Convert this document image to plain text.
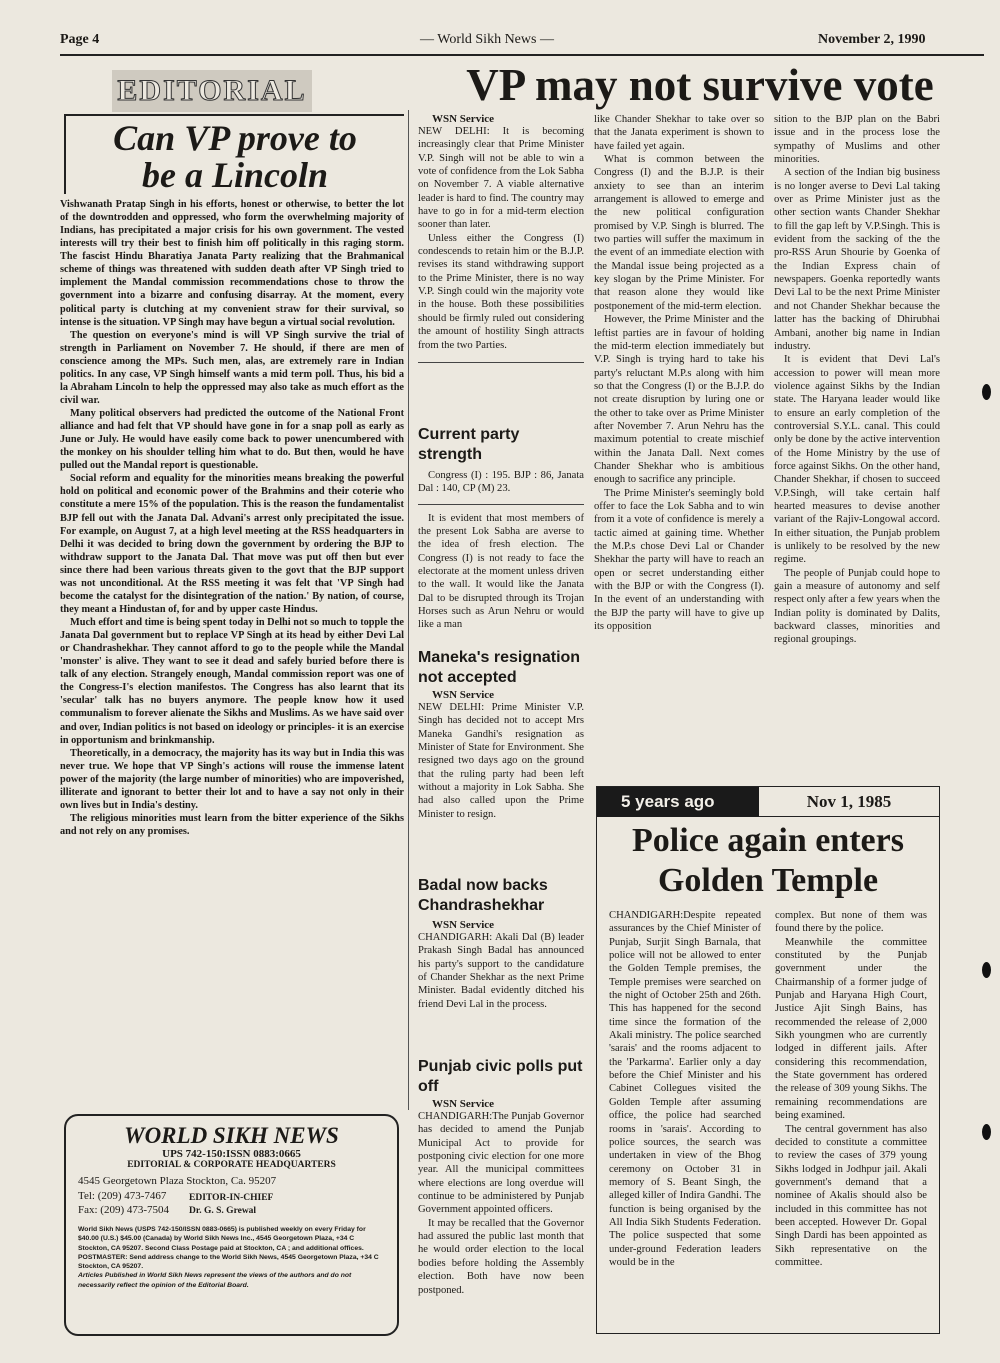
Page 4	— World Sikh News —	November 2, 1990
EDITORIAL
Can VP prove to
be a Lincoln

Vishwanath Pratap Singh in his efforts, honest or otherwise, to better the lot of the downtrodden and oppressed, who form the overwhelming majority of Indians, has precipitated a major crisis for his own government. The vested interests will try their best to finish him off politically in this raging storm. The fascist Hindu Bharatiya Janata Party realizing that the Brahmanical scheme of things was threatened with sudden death after VP Singh tried to implement the Mandal commission recommendations chose to throw the government into a bizarre and confusing disarray. At the moment, every political party is clutching at my convenient straw for their survival, so intense is the situation. VP Singh may have begun a virtual social revolution.

The question on everyone's mind is will VP Singh survive the trial of strength in Parliament on November 7. He should, if there are men of conscience among the MPs. Such men, alas, are extremely rare in Indian politics. In any case, VP Singh himself wants a mid term poll. Thus, his bid a la Abraham Lincoln to help the oppressed may also take as much effort as the civil war.

Many political observers had predicted the outcome of the National Front alliance and had felt that VP should have gone in for a snap poll as early as June or July. He would have easily come back to power unencumbered with the monkey on his shoulder telling him what to do. But then, would he have pulled out the Mandal report is questionable.

Social reform and equality for the minorities means breaking the powerful hold on political and economic power of the Brahmins and their coterie who constitute a mere 15% of the population. This is the reason the fundamentalist BJP fell out with the Janata Dal. Advani's arrest only precipitated the issue. For example, on August 7, at a high level meeting at the RSS headquarters in Delhi it was decided to bring down the government by ordering the BJP to withdraw support to the Janata Dal. That move was put off then but ever since there had been various threats given to the govt that the BJP support was not unconditional. At the RSS meeting it was felt that 'VP Singh had become the catalyst for the disintegration of the nation.' By nation, of course, they meant a Hindustan of, for and by upper caste Hindus.

Much effort and time is being spent today in Delhi not so much to topple the Janata Dal government but to replace VP Singh at its head by either Devi Lal or Chandrashekhar. They cannot afford to go to the people while the Mandal 'monster' is alive. They want to see it dead and safely buried before there is talk of any election. Strangely enough, Mandal commission report was one of the Congress-I's election manifestos. The Congress has also learnt that its 'secular' talk has no buyers anymore. The people know how it used communalism to forever alienate the Sikhs and Muslims. As we have said over and over, Indian politics is not based on ideology or principles- it is an exercise in opportunism and brinkmanship.

Theoretically, in a democracy, the majority has its way but in India this was never true. We hope that VP Singh's actions will rouse the immense latent power of the majority (the large number of minorities) who are impoverished, illiterate and ignorant to better their lot and to have a say not only in their own lives but in India's destiny.

The religious minorities must learn from the bitter experience of the Sikhs and not rely on any promises.

WORLD SIKH NEWS
UPS 742-150:ISSN 0883:0665
EDITORIAL & CORPORATE HEADQUARTERS
4545 Georgetown Plaza Stockton, Ca. 95207
Tel: (209) 473-7467
Fax: (209) 473-7504
EDITOR-IN-CHIEF
Dr. G. S. Grewal
World Sikh News (USPS 742-150/ISSN 0883-0665) is published weekly on every Friday for $40.00 (U.S.) $45.00 (Canada) by World Sikh News Inc., 4545 Georgetown Plaza, +34 C Stockton, CA 95207. Second Class Postage paid at Stockton, CA ; and additional offices. POSTMASTER: Send address change to the World Sikh News, 4545 Georgetown Plaza, +34 C Stockton, CA 95207.
Articles Published in World Sikh News represent the views of the authors and do not necessarily reflect the opinion of the Editorial Board.
VP may not survive vote
WSN Service

NEW DELHI: It is becoming increasingly clear that Prime Minister V.P. Singh will not be able to win a vote of confidence from the Lok Sabha on November 7. A viable alternative leader is hard to find. The country may have to go in for a mid-term election sooner than later.

Unless either the Congress (I) condescends to retain him or the B.J.P. revises its stand withdrawing support to the Prime Minister, there is no way V.P. Singh could win the majority vote in the house. Both these possibilities should be firmly ruled out considering the amount of hostility Singh attracts from the two Parties.

Current party strength
Congress (I) : 195. BJP : 86, Janata Dal : 140, CP (M) 23.
It is evident that most members of the present Lok Sabha are averse to the idea of fresh election. The Congress (I) is not ready to face the electorate at the moment unless driven to the wall. It would like the Janata Dal to be disrupted through its Trojan Horses such as Arun Nehru or would like a man
Maneka's resignation not accepted
WSN Service
NEW DELHI: Prime Minister V.P. Singh has decided not to accept Mrs Maneka Gandhi's resignation as Minister of State for Environment. She resigned two days ago on the ground that the ruling party had been left without a majority in Lok Sabha. She had also called upon the Prime Minister to resign.
Badal now backs Chandrashekhar
WSN Service
CHANDIGARH: Akali Dal (B) leader Prakash Singh Badal has announced his party's support to the candidature of Chander Shekhar as the next Prime Minister. Badal evidently ditched his friend Devi Lal in the process.
Punjab civic polls put off
WSN Service

CHANDIGARH:The Punjab Governor has decided to amend the Punjab Municipal Act to provide for postponing civic election for one more year. All the municipal committees where elections are long overdue will continue to be administered by Punjab Government appointed officers.

It may be recalled that the Governor had assured the public last month that he would order election to the local bodies before holding the Assembly election. Both have now been postponed.

like Chander Shekhar to take over so that the Janata experiment is shown to have failed yet again.

What is common between the Congress (I) and the B.J.P. is their anxiety to see than an interim arrangement is allowed to emerge and the new political configuration promised by V.P. Singh is blurred. The two parties will suffer the maximum in the event of an immediate election with the Mandal issue being projected as a key slogan by the Prime Minister. For that reason alone they would like postponement of the mid-term election.

However, the Prime Minister and the leftist parties are in favour of holding the mid-term election immediately but V.P. Singh is trying hard to take his party's reluctant M.P.s along with him so that the Congress (I) or the B.J.P. do not create disruption by luring one or the other to take over as Prime Minister after November 7. Arun Nehru has the maximum potential to create mischief within the Janata Dall. Next comes Chander Shekhar who is ambitious enough to sacrifice any principle.

The Prime Minister's seemingly bold offer to face the Lok Sabha and to win from it a vote of confidence is merely a tactic aimed at gaining time. Whether the M.P.s chose Devi Lal or Chander Shekhar the party will have to reach an open or secret understanding either with the BJP or with the Congress (I). In the event of an understanding with the BJP the party will have to give up its opposition

sition to the BJP plan on the Babri issue and in the process lose the sympathy of Muslims and other minorities.

A section of the Indian big business is no longer averse to Devi Lal taking over as Prime Minister just as the other section wants Chander Shekhar to fill the gap left by V.P.Singh. This is evident from the sacking of the the pro-RSS Arun Shourie by Goenka of the Indian Express chain of newspapers. Goenka reportedly wants Devi Lal to be the next Prime Minister and not Chander Shekhar because the latter has the backing of Dhirubhai Ambani, another big name in Indian industry.

It is evident that Devi Lal's accession to power will mean more violence against Sikhs by the Indian state. The Haryana leader would like to ensure an early completion of the controversial S.Y.L. canal. This could only be done by the active intervention of the Home Ministry by the use of force against Sikhs. On the other hand, Chander Shekhar, if chosen to succeed V.P.Singh, will take certain half hearted measures to devise another variant of the Rajiv-Longowal accord. In either situation, the Punjab problem is unlikely to be resolved by the new regime.

The people of Punjab could hope to gain a measure of autonomy and self respect only after a few years when the Indian polity is dominated by Dalits, backward classes, minorities and regional groupings.

5 years ago	Nov 1, 1985
Police again enters
Golden Temple

CHANDIGARH:Despite repeated assurances by the Chief Minister of Punjab, Surjit Singh Barnala, that police will not be allowed to enter the Golden Temple premises, the Temple premises were searched on the night of October 25th and 26th. This has happened for the second time since the formation of the Akali ministry. The police searched 'sarais' and the rooms adjacent to the 'Parkarma'. Earlier only a day before the Chief Minister and his Cabinet Collegues visited the Golden Temple after assuming office, the police had searched rooms in 'sarais'. According to police sources, the search was undertaken in view of the Bhog ceremony on October 31 in memory of S. Beant Singh, the alleged killer of Indira Gandhi. The function is being organised by the All India Sikh Students Federation. The police suspected that some under-ground Federation leaders would be in the

complex. But none of them was found there by the police.

Meanwhile the committee constituted by the Punjab government under the Chairmanship of a former judge of Punjab and Haryana High Court, Justice Ajit Singh Bains, has recommended the release of 2,000 Sikh youngmen who are currently lodged in different jails. After considering this recommendation, the State government has ordered the release of 309 young Sikhs. The remaining recommendations are being examined.

The central government has also decided to constitute a committee to review the cases of 379 young Sikhs lodged in Jodhpur jail. Akali government's demand that a nominee of Akalis should also be included in this committee has not been accepted. However Dr. Gopal Singh Dardi has been appointed as Sikh representative on the committee.
